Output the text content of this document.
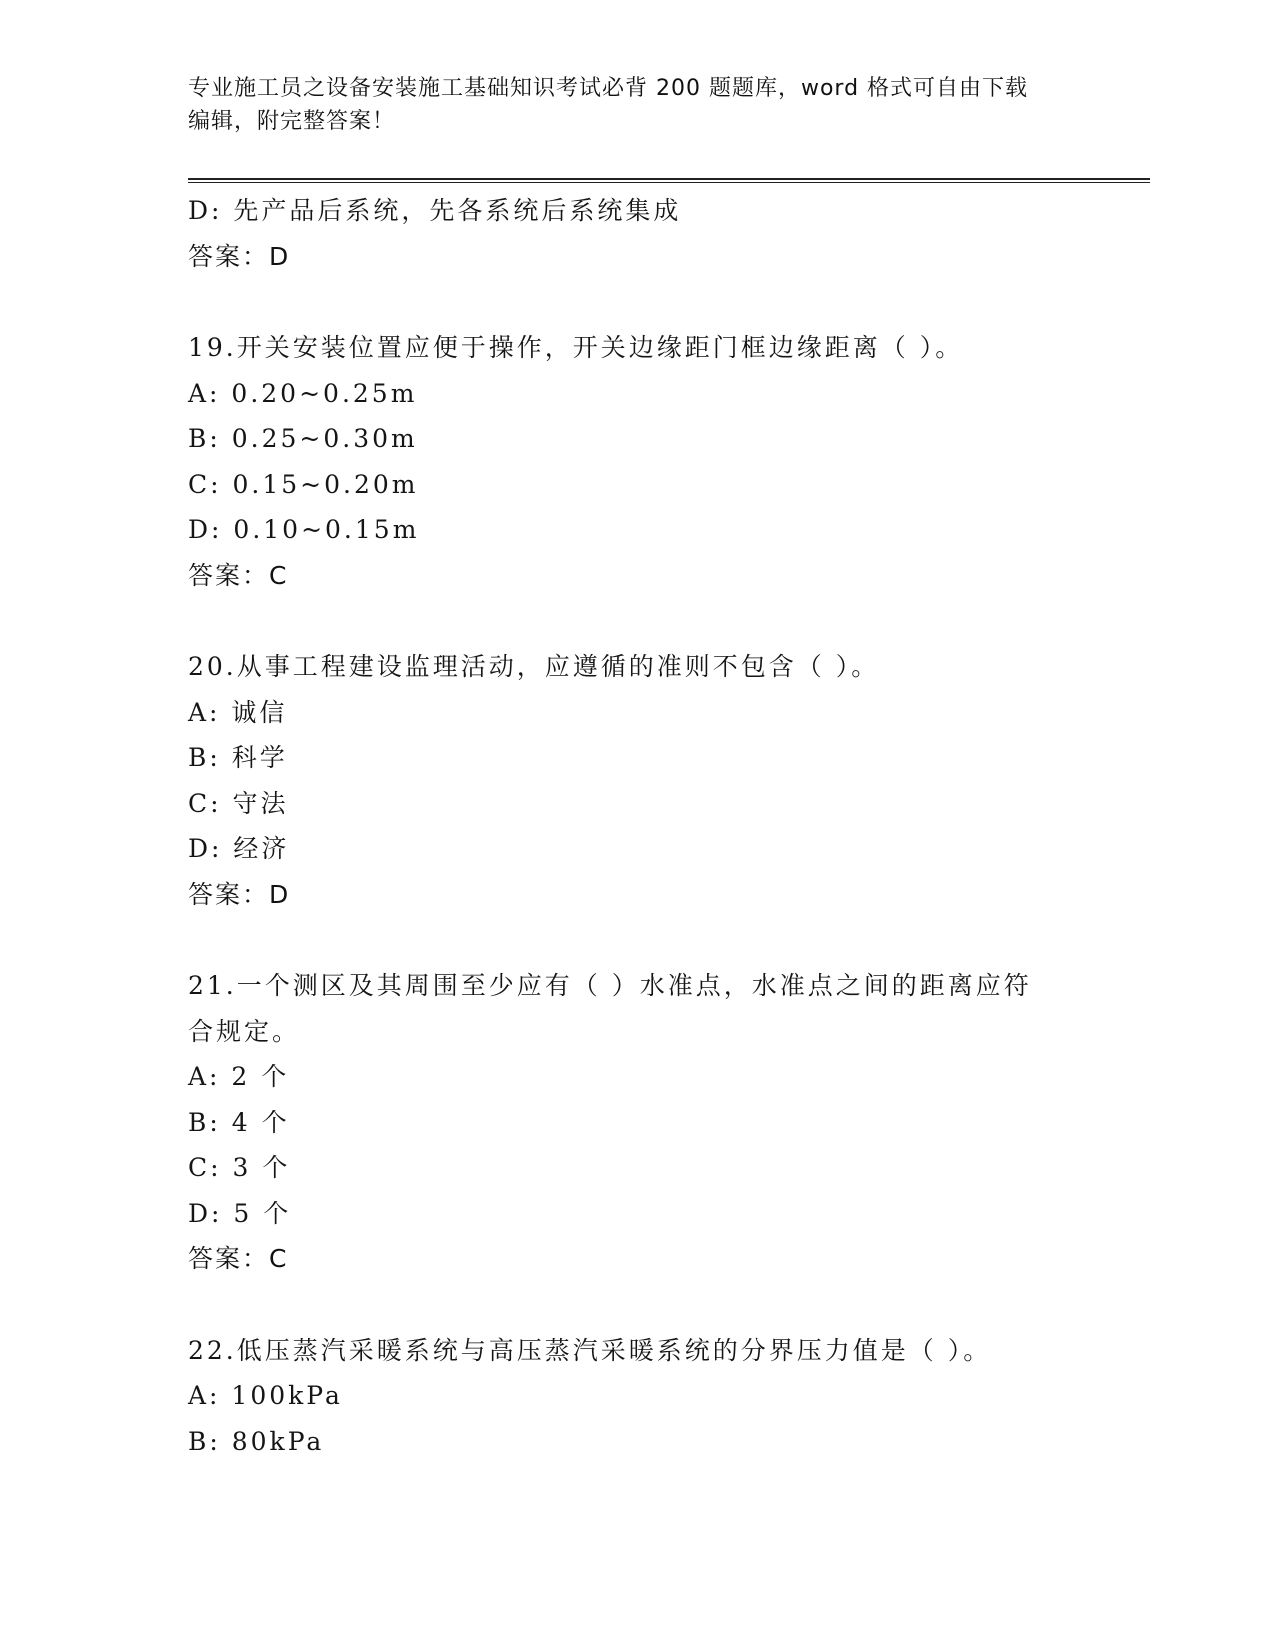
专业施工员之设备安装施工基础知识考试必背 200 题题库，word 格式可自由下载
编辑，附完整答案！
D: 先产品后系统，先各系统后系统集成
答案：D
19.开关安装位置应便于操作，开关边缘距门框边缘距离（ ）。
A: 0.20~0.25m
B: 0.25~0.30m
C: 0.15~0.20m
D: 0.10~0.15m
答案：C
20.从事工程建设监理活动，应遵循的准则不包含（ ）。
A: 诚信
B: 科学
C: 守法
D: 经济
答案：D
21.一个测区及其周围至少应有（ ）水准点，水准点之间的距离应符
合规定。
A: 2 个
B: 4 个
C: 3 个
D: 5 个
答案：C
22.低压蒸汽采暖系统与高压蒸汽采暖系统的分界压力值是（ ）。
A: 100kPa
B: 80kPa
